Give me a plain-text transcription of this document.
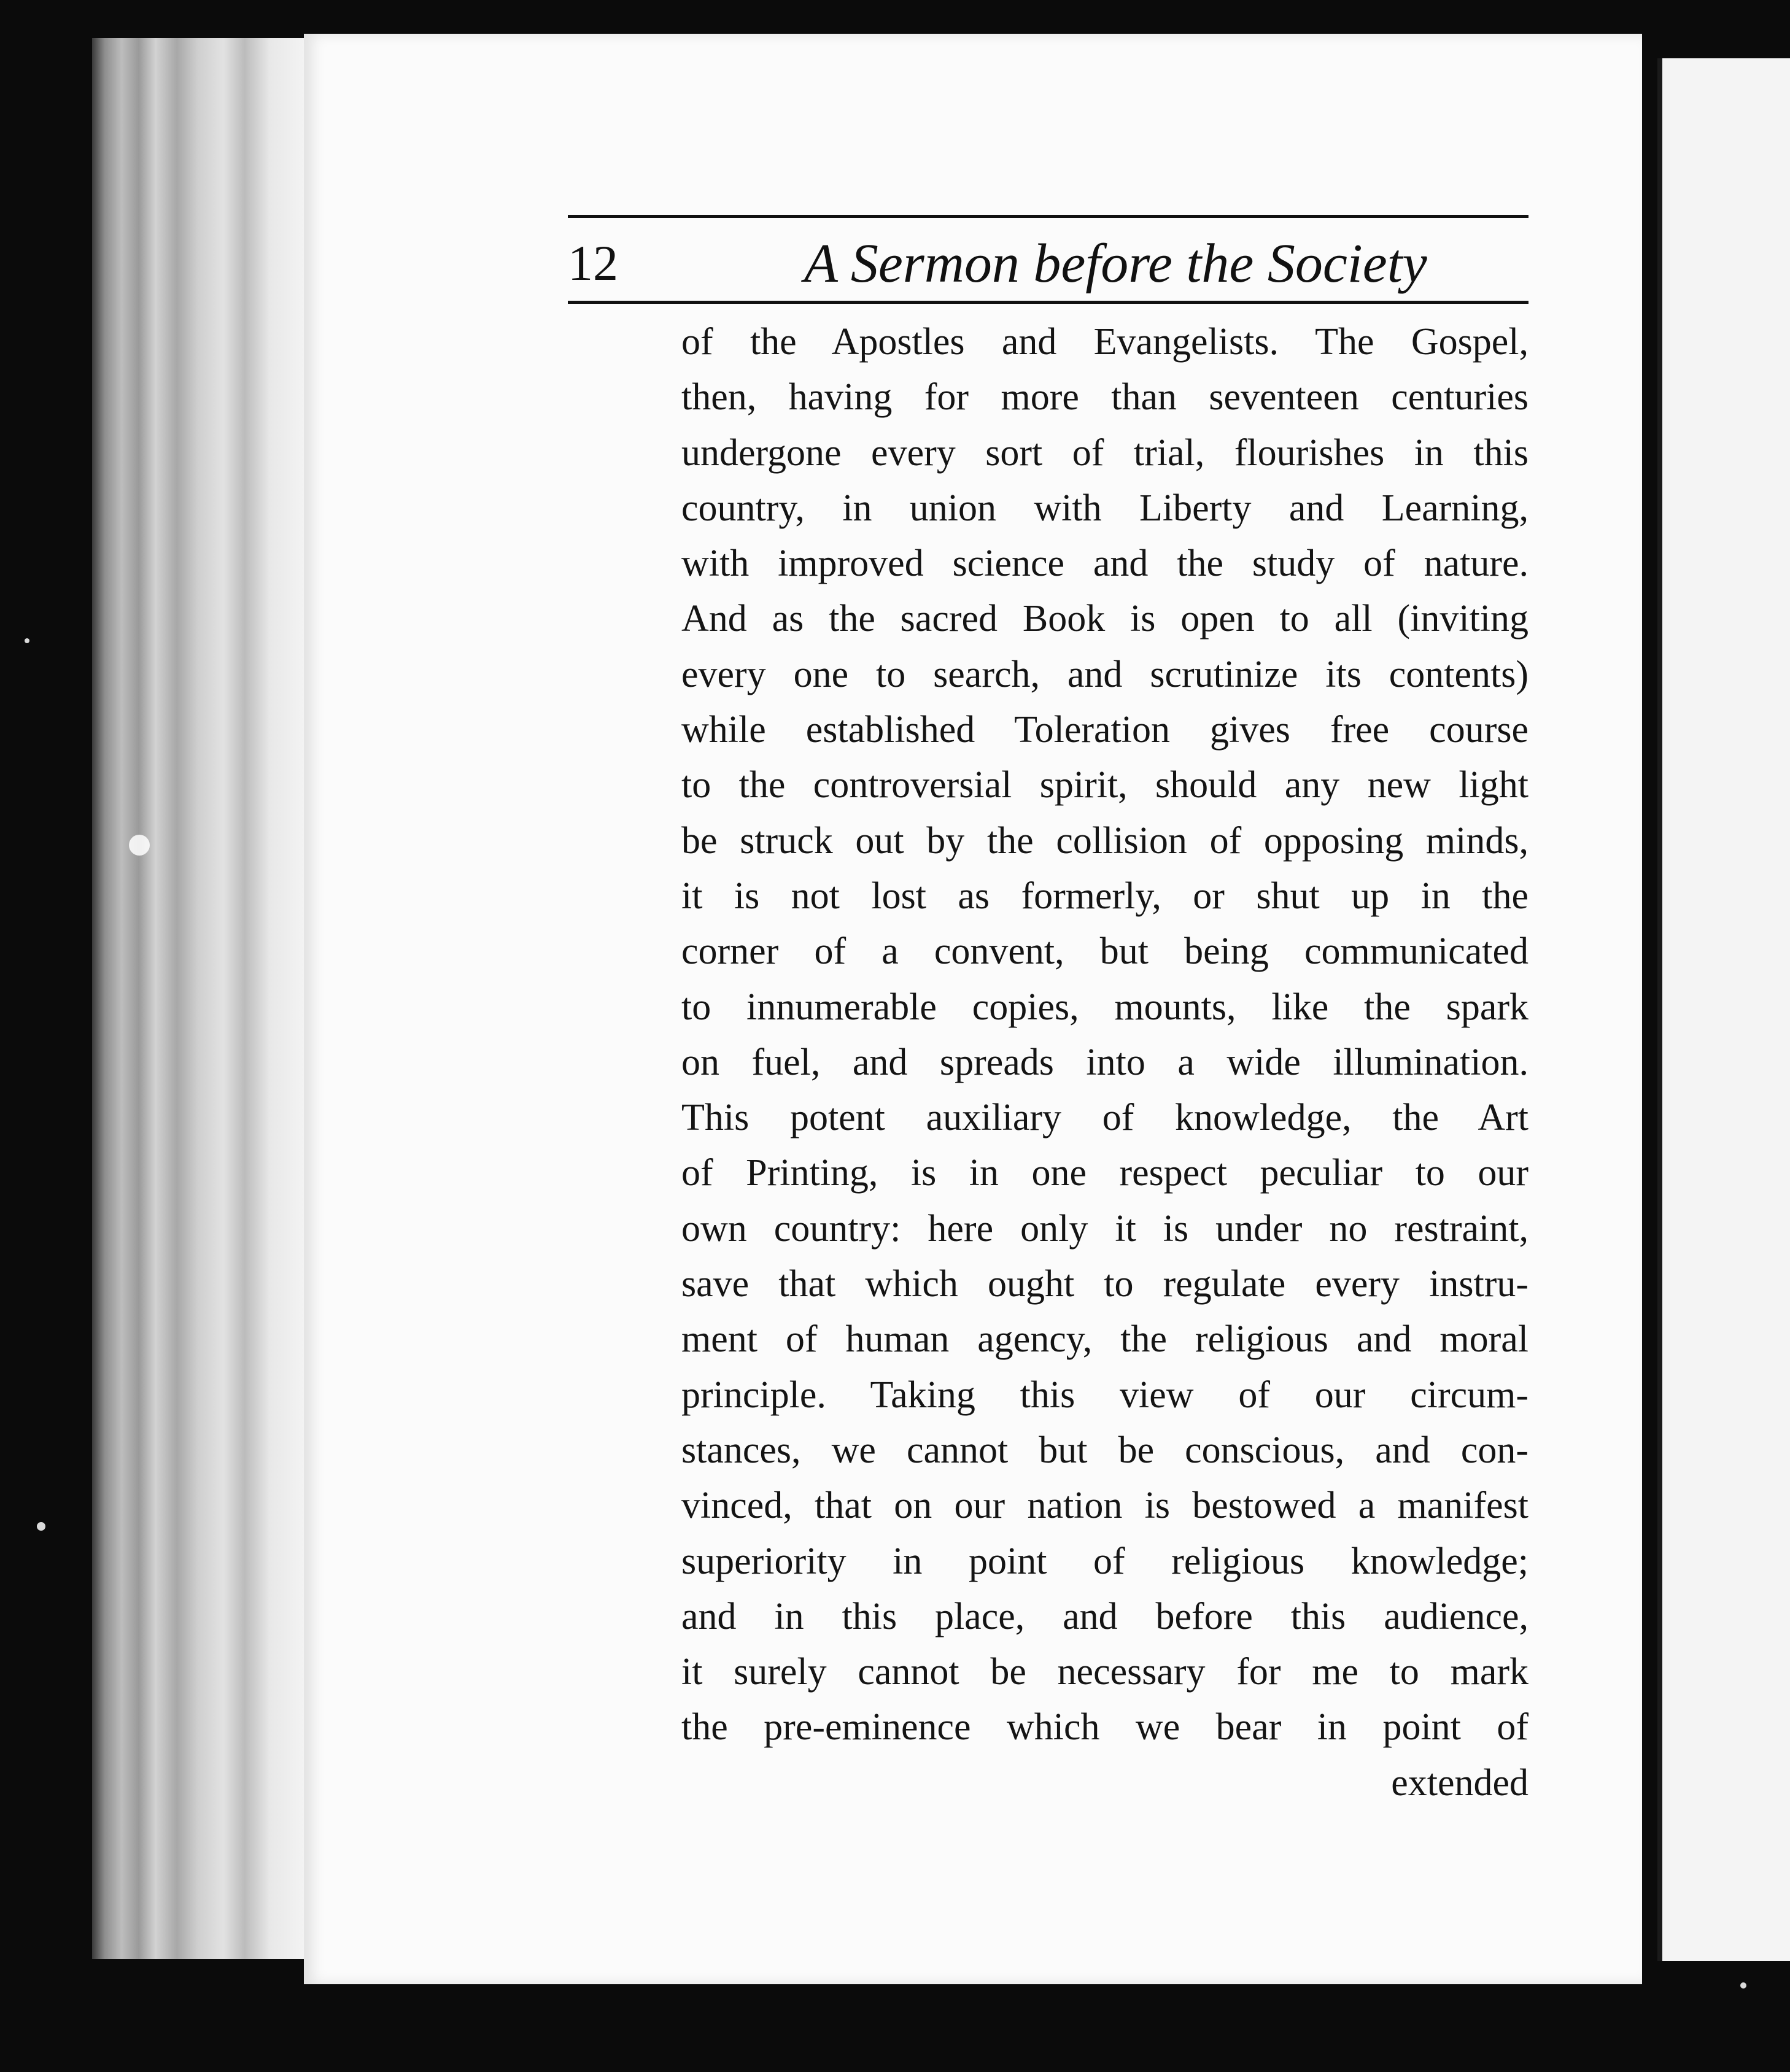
12	A Sermon before the Society
of the Apostles and Evangelists. The Gospel,
then, having for more than seventeen centuries
undergone every sort of trial, flourishes in this
country, in union with Liberty and Learning,
with improved science and the study of nature.
And as the sacred Book is open to all (inviting
every one to search, and scrutinize its contents)
while established Toleration gives free course
to the controversial spirit, should any new light
be struck out by the collision of opposing minds,
it is not lost as formerly, or shut up in the
corner of a convent, but being communicated
to innumerable copies, mounts, like the spark
on fuel, and spreads into a wide illumination.
This potent auxiliary of knowledge, the Art
of Printing, is in one respect peculiar to our
own country: here only it is under no restraint,
save that which ought to regulate every instru-
ment of human agency, the religious and moral
principle. Taking this view of our circum-
stances, we cannot but be conscious, and con-
vinced, that on our nation is bestowed a manifest
superiority in point of religious knowledge;
and in this place, and before this audience,
it surely cannot be necessary for me to mark
the pre-eminence which we bear in point of
extended
